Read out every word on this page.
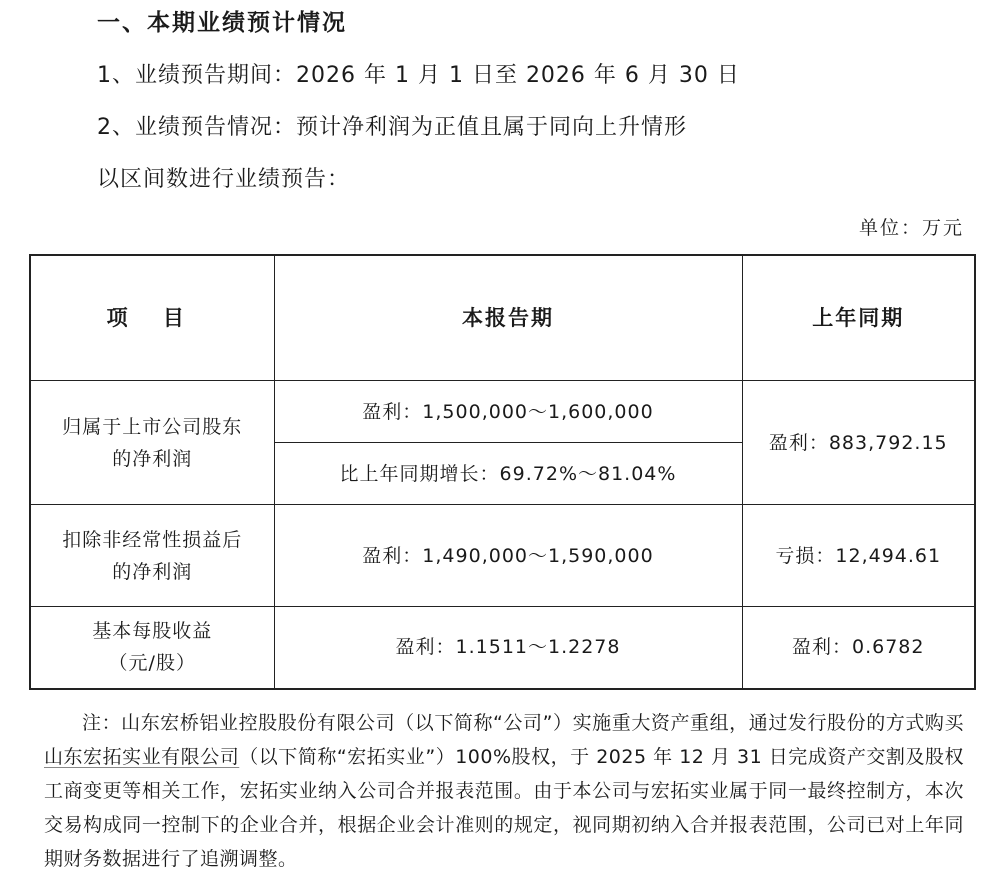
一、本期业绩预计情况
1、业绩预告期间：2026 年 1 月 1 日至 2026 年 6 月 30 日
2、业绩预告情况：预计净利润为正值且属于同向上升情形
以区间数进行业绩预告：
单位：万元
项 目	本报告期	上年同期

归属于上市公司股东
的净利润	盈利：1,500,000～1,600,000	盈利：883,792.15
	比上年同期增长：69.72%～81.04%	

扣除非经常性损益后
的净利润	盈利：1,490,000～1,590,000	亏损：12,494.61

基本每股收益
（元/股）	盈利：1.1511～1.2278	盈利：0.6782

注：山东宏桥铝业控股股份有限公司（以下简称“公司”）实施重大资产重组，通过发行股份的方式购买山东宏拓实业有限公司（以下简称“宏拓实业”）100%股权，于 2025 年 12 月 31 日完成资产交割及股权工商变更等相关工作，宏拓实业纳入公司合并报表范围。由于本公司与宏拓实业属于同一最终控制方，本次交易构成同一控制下的企业合并，根据企业会计准则的规定，视同期初纳入合并报表范围，公司已对上年同期财务数据进行了追溯调整。
